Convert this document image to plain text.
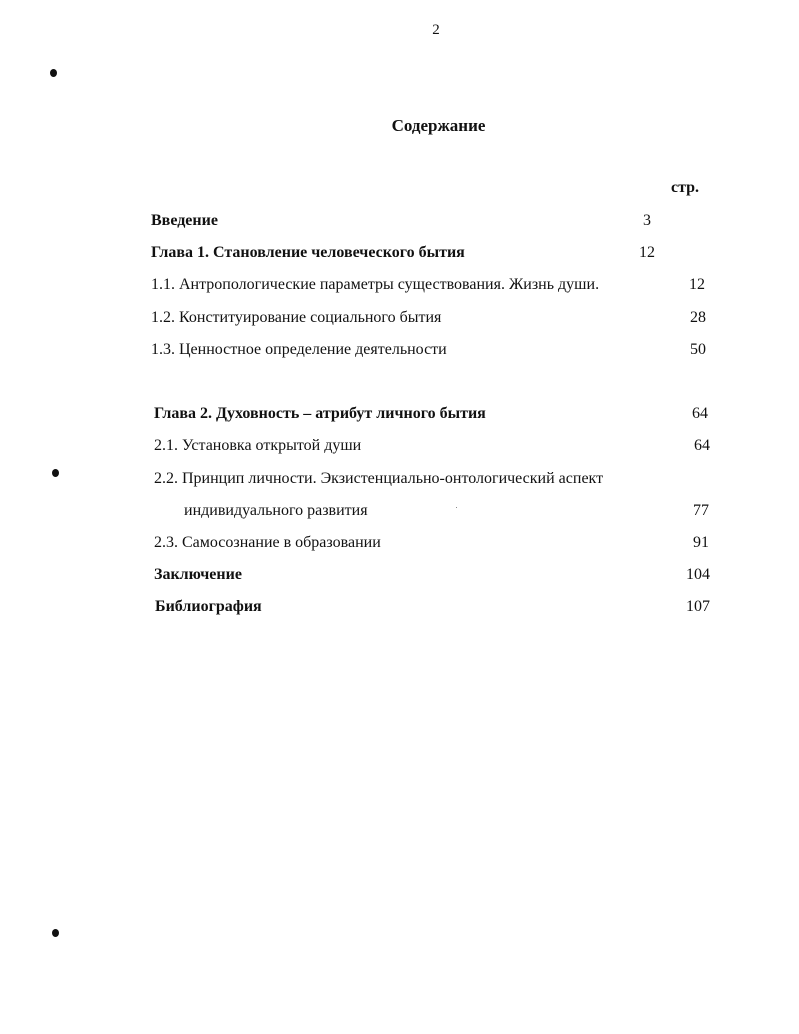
2
Содержание
стр.
Введение	3
Глава 1. Становление человеческого бытия	12
1.1. Антропологические параметры существования. Жизнь души.	12
1.2. Конституирование социального бытия	28
1.3. Ценностное определение деятельности	50
Глава 2. Духовность – атрибут личного бытия	64
2.1. Установка открытой души	64
2.2. Принцип личности. Экзистенциально-онтологический аспект
индивидуального развития	77
2.3. Самосознание в образовании	91
Заключение	104
Библиография	107
